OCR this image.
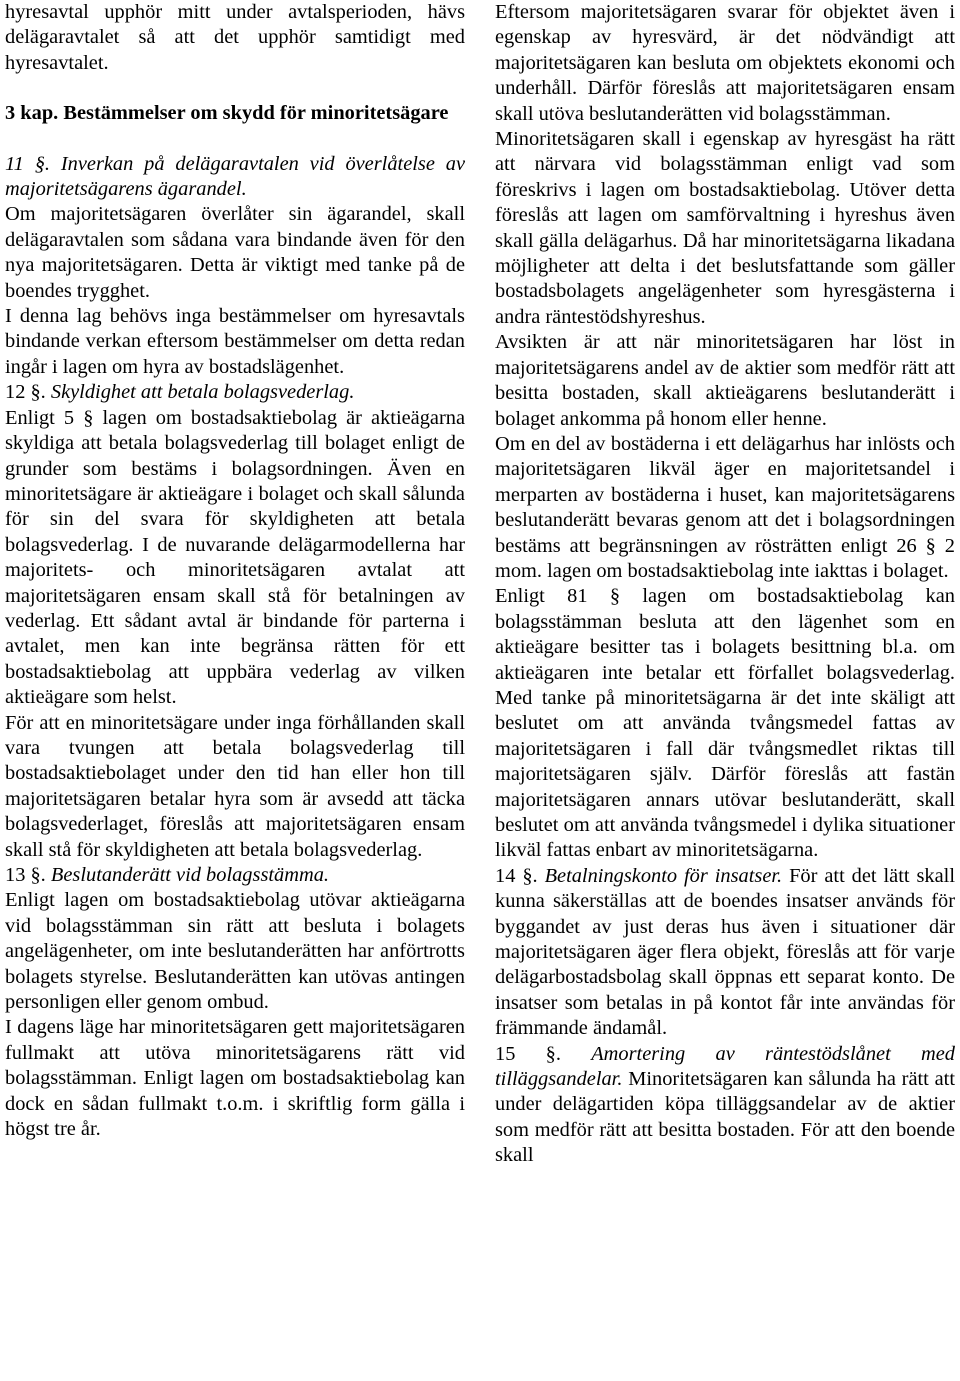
hyresavtal upphör mitt under avtalsperioden, hävs delägaravtalet så att det upphör samtidigt med hyresavtalet.

3 kap. Bestämmelser om skydd för minoritetsägare

11 §. Inverkan på delägaravtalen vid överlåtelse av majoritetsägarens ägarandel.

Om majoritetsägaren överlåter sin ägarandel, skall delägaravtalen som sådana vara bindande även för den nya majoritetsägaren. Detta är viktigt med tanke på de boendes trygghet.

I denna lag behövs inga bestämmelser om hyresavtals bindande verkan eftersom bestämmelser om detta redan ingår i lagen om hyra av bostadslägenhet.

12 §. Skyldighet att betala bolagsvederlag.

Enligt 5 § lagen om bostadsaktiebolag är aktieägarna skyldiga att betala bolagsvederlag till bolaget enligt de grunder som bestäms i bolagsordningen. Även en minoritetsägare är aktieägare i bolaget och skall sålunda för sin del svara för skyldigheten att betala bolagsvederlag. I de nuvarande delägarmodellerna har majoritets- och minoritetsägaren avtalat att majoritetsägaren ensam skall stå för betalningen av vederlag. Ett sådant avtal är bindande för parterna i avtalet, men kan inte begränsa rätten för ett bostadsaktiebolag att uppbära vederlag av vilken aktieägare som helst.

För att en minoritetsägare under inga förhållanden skall vara tvungen att betala bolagsvederlag till bostadsaktiebolaget under den tid han eller hon till majoritetsägaren betalar hyra som är avsedd att täcka bolagsvederlaget, föreslås att majoritetsägaren ensam skall stå för skyldigheten att betala bolagsvederlag.

13 §. Beslutanderätt vid bolagsstämma.

Enligt lagen om bostadsaktiebolag utövar aktieägarna vid bolagsstämman sin rätt att besluta i bolagets angelägenheter, om inte beslutanderätten har anförtrotts bolagets styrelse. Beslutanderätten kan utövas antingen personligen eller genom ombud.

I dagens läge har minoritetsägaren gett majoritetsägaren fullmakt att utöva minoritetsägarens rätt vid bolagsstämman. Enligt lagen om bostadsaktiebolag kan dock en sådan fullmakt t.o.m. i skriftlig form gälla i högst tre år.

Eftersom majoritetsägaren svarar för objektet även i egenskap av hyresvärd, är det nödvändigt att majoritetsägaren kan besluta om objektets ekonomi och underhåll. Därför föreslås att majoritetsägaren ensam skall utöva beslutanderätten vid bolagsstämman.

Minoritetsägaren skall i egenskap av hyresgäst ha rätt att närvara vid bolagsstämman enligt vad som föreskrivs i lagen om bostadsaktiebolag. Utöver detta föreslås att lagen om samförvaltning i hyreshus även skall gälla delägarhus. Då har minoritetsägarna likadana möjligheter att delta i det beslutsfattande som gäller bostadsbolagets angelägenheter som hyresgästerna i andra räntestödshyreshus.

Avsikten är att när minoritetsägaren har löst in majoritetsägarens andel av de aktier som medför rätt att besitta bostaden, skall aktieägarens beslutanderätt i bolaget ankomma på honom eller henne.

Om en del av bostäderna i ett delägarhus har inlösts och majoritetsägaren likväl äger en majoritetsandel i merparten av bostäderna i huset, kan majoritetsägarens beslutanderätt bevaras genom att det i bolagsordningen bestäms att begränsningen av rösträtten enligt 26 § 2 mom. lagen om bostadsaktiebolag inte iakttas i bolaget.

Enligt 81 § lagen om bostadsaktiebolag kan bolagsstämman besluta att den lägenhet som en aktieägare besitter tas i bolagets besittning bl.a. om aktieägaren inte betalar ett förfallet bolagsvederlag. Med tanke på minoritetsägarna är det inte skäligt att beslutet om att använda tvångsmedel fattas av majoritetsägaren i fall där tvångsmedlet riktas till majoritetsägaren själv. Därför föreslås att fastän majoritetsägaren annars utövar beslutanderätt, skall beslutet om att använda tvångsmedel i dylika situationer likväl fattas enbart av minoritetsägarna.

14 §. Betalningskonto för insatser. För att det lätt skall kunna säkerställas att de boendes insatser används för byggandet av just deras hus även i situationer där majoritetsägaren äger flera objekt, föreslås att för varje delägarbostadsbolag skall öppnas ett separat konto. De insatser som betalas in på kontot får inte användas för främmande ändamål.

15 §. Amortering av räntestödslånet med tilläggsandelar. Minoritetsägaren kan sålunda ha rätt att under delägartiden köpa tilläggsandelar av de aktier som medför rätt att besitta bostaden. För att den boende skall
